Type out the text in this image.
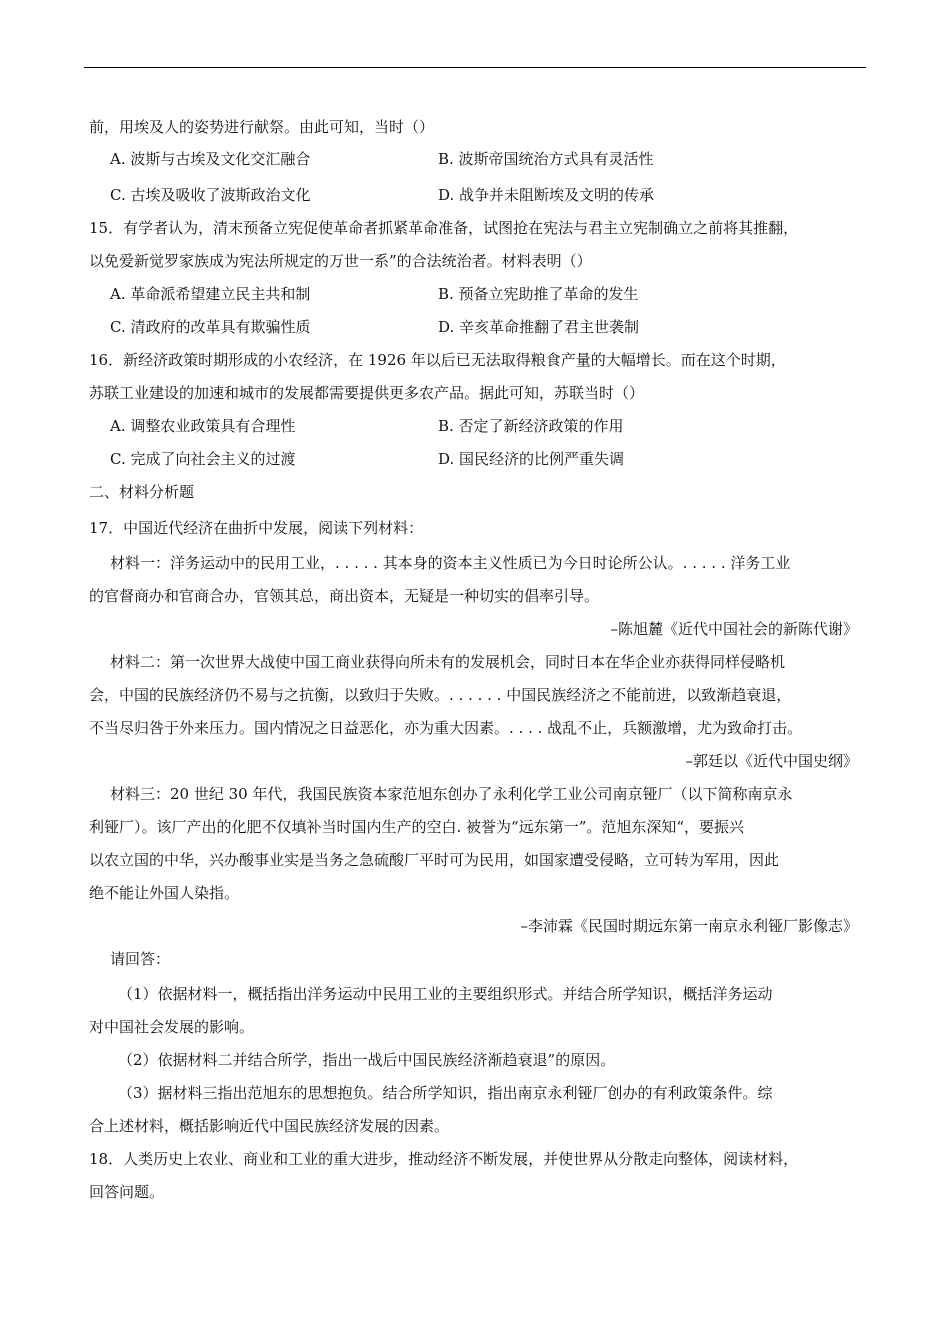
前，用埃及人的姿势进行献祭。由此可知，当时（）
A. 波斯与古埃及文化交汇融合	B. 波斯帝国统治方式具有灵活性
C. 古埃及吸收了波斯政治文化	D. 战争并未阻断埃及文明的传承
15．有学者认为，清末预备立宪促使革命者抓紧革命准备，试图抢在宪法与君主立宪制确立之前将其推翻，
以免爱新觉罗家族成为宪法所规定的万世一系”的合法统治者。材料表明（）
A. 革命派希望建立民主共和制	B. 预备立宪助推了革命的发生
C. 清政府的改革具有欺骗性质	D. 辛亥革命推翻了君主世袭制
16．新经济政策时期形成的小农经济，在 1926 年以后已无法取得粮食产量的大幅增长。而在这个时期，
苏联工业建设的加速和城市的发展都需要提供更多农产品。据此可知，苏联当时（）
A. 调整农业政策具有合理性	B. 否定了新经济政策的作用
C. 完成了向社会主义的过渡	D. 国民经济的比例严重失调
二、材料分析题
17．中国近代经济在曲折中发展，阅读下列材料：
材料一：洋务运动中的民用工业，. . . . . 其本身的资本主义性质已为今日时论所公认。. . . . . 洋务工业
的官督商办和官商合办，官领其总，商出资本，无疑是一种切实的倡率引导。
–陈旭麓《近代中国社会的新陈代谢》
材料二：第一次世界大战使中国工商业获得向所未有的发展机会，同时日本在华企业亦获得同样侵略机
会，中国的民族经济仍不易与之抗衡，以致归于失败。. . . . . . 中国民族经济之不能前进，以致渐趋衰退，
不当尽归咎于外来压力。国内情况之日益恶化，亦为重大因素。. . . . 战乱不止，兵额激增，尤为致命打击。
–郭廷以《近代中国史纲》
材料三：20 世纪 30 年代，我国民族资本家范旭东创办了永利化学工业公司南京铔厂（以下简称南京永
利铔厂）。该厂产出的化肥不仅填补当时国内生产的空白. 被誉为“远东第一”。范旭东深知“，要振兴
以农立国的中华，兴办酸事业实是当务之急硫酸厂平时可为民用，如国家遭受侵略，立可转为军用，因此
绝不能让外国人染指。
–李沛霖《民国时期远东第一南京永利铔厂影像志》
请回答：
（1）依据材料一，概括指出洋务运动中民用工业的主要组织形式。并结合所学知识，概括洋务运动
对中国社会发展的影响。
（2）依据材料二并结合所学，指出一战后中国民族经济渐趋衰退”的原因。
（3）据材料三指出范旭东的思想抱负。结合所学知识，指出南京永利铔厂创办的有利政策条件。综
合上述材料，概括影响近代中国民族经济发展的因素。
18．人类历史上农业、商业和工业的重大进步，推动经济不断发展，并使世界从分散走向整体，阅读材料，
回答问题。
